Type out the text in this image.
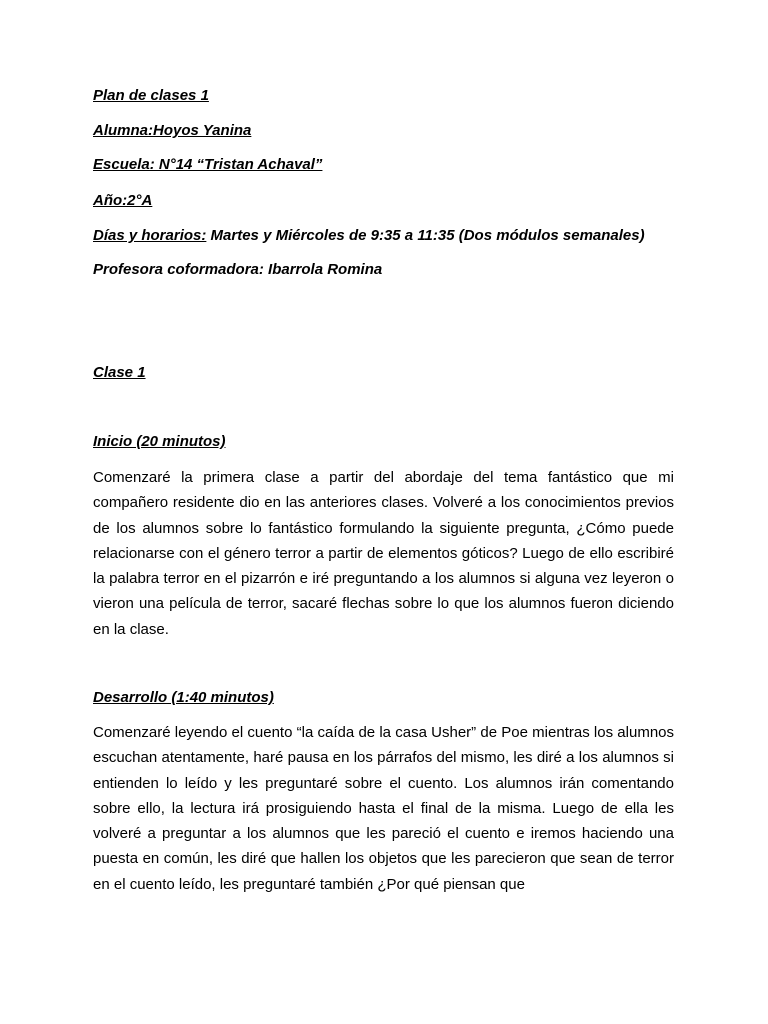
Plan de clases 1

Alumna:Hoyos Yanina

Escuela: N°14 “Tristan Achaval”

Año:2°A

Días y horarios: Martes y Miércoles de 9:35 a 11:35 (Dos módulos semanales)

Profesora coformadora: Ibarrola Romina

Clase 1

Inicio (20 minutos)

Comenzaré la primera clase a partir del abordaje del tema fantástico que mi compañero residente dio en las anteriores clases. Volveré a los conocimientos previos de los alumnos sobre lo fantástico formulando la siguiente pregunta, ¿Cómo puede relacionarse con el género terror a partir de elementos góticos? Luego de ello escribiré la palabra terror en el pizarrón e iré preguntando a los alumnos si alguna vez leyeron o vieron una película de terror, sacaré flechas sobre lo que los alumnos fueron diciendo en la clase.

Desarrollo (1:40 minutos)

Comenzaré leyendo el cuento “la caída de la casa Usher” de Poe mientras los alumnos escuchan atentamente, haré pausa en los párrafos del mismo, les diré a los alumnos si entienden lo leído y les preguntaré sobre el cuento. Los alumnos irán comentando sobre ello, la lectura irá prosiguiendo hasta el final de la misma. Luego de ella les volveré a preguntar a los alumnos que les pareció el cuento e iremos haciendo una puesta en común, les diré que hallen los objetos que les parecieron que sean de terror en el cuento leído, les preguntaré también ¿Por qué piensan que
